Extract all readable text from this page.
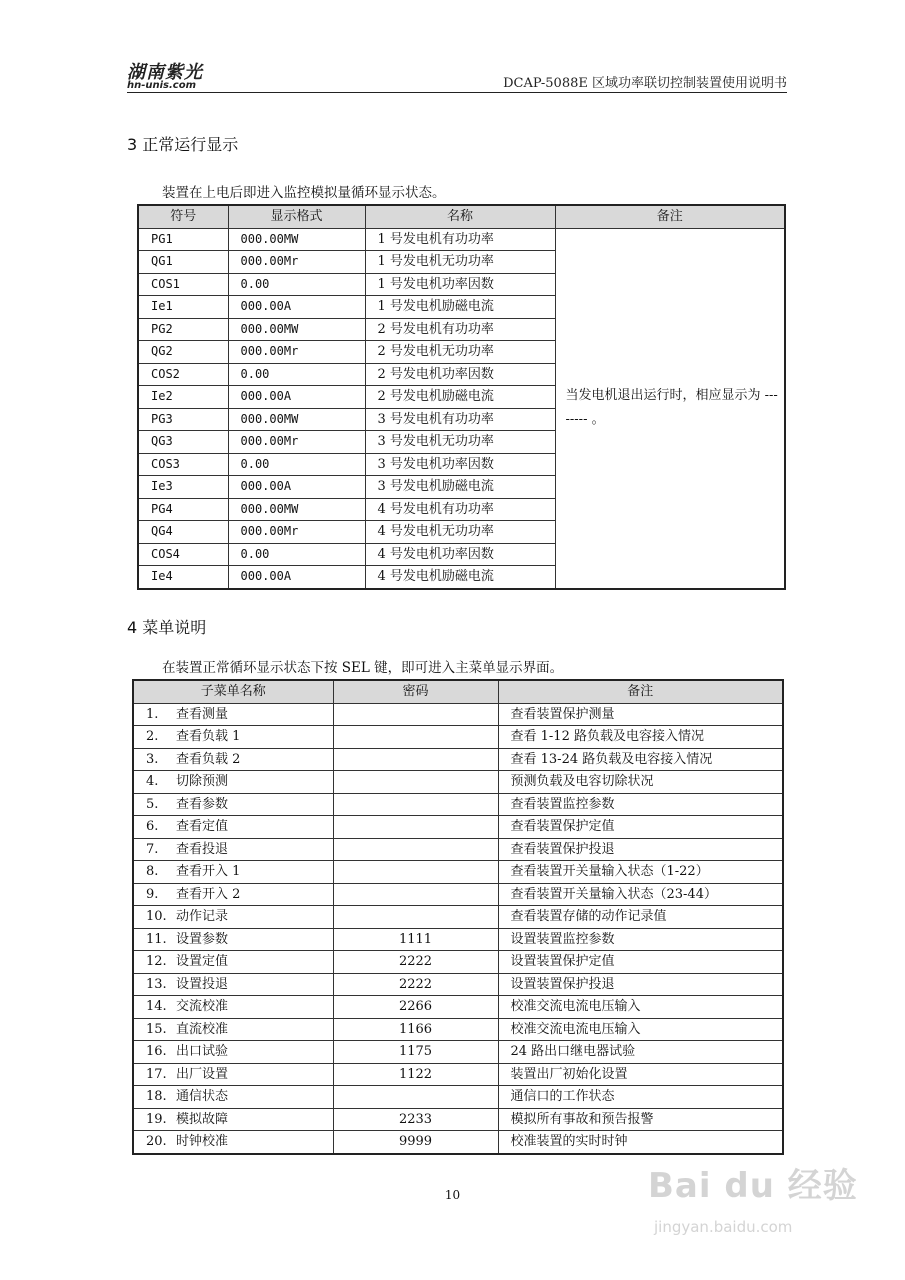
湖南紫光
hn-unis.com	DCAP-5088E 区域功率联切控制装置使用说明书
3 正常运行显示
装置在上电后即进入监控模拟量循环显示状态。
符号	显示格式	名称	备注
PG1	000.00MW	1 号发电机有功功率	当发电机退出运行时，相应显示为 -------- 。
QG1	000.00Mr	1 号发电机无功功率	
COS1	0.00	1 号发电机功率因数	
Ie1	000.00A	1 号发电机励磁电流	
PG2	000.00MW	2 号发电机有功功率	
QG2	000.00Mr	2 号发电机无功功率	
COS2	0.00	2 号发电机功率因数	
Ie2	000.00A	2 号发电机励磁电流	
PG3	000.00MW	3 号发电机有功功率	
QG3	000.00Mr	3 号发电机无功功率	
COS3	0.00	3 号发电机功率因数	
Ie3	000.00A	3 号发电机励磁电流	
PG4	000.00MW	4 号发电机有功功率	
QG4	000.00Mr	4 号发电机无功功率	
COS4	0.00	4 号发电机功率因数	
Ie4	000.00A	4 号发电机励磁电流	
4 菜单说明
在装置正常循环显示状态下按 SEL 键，即可进入主菜单显示界面。
子菜单名称	密码	备注
1. 查看测量		查看装置保护测量
2. 查看负载 1		查看 1-12 路负载及电容接入情况
3. 查看负载 2		查看 13-24 路负载及电容接入情况
4. 切除预测		预测负载及电容切除状况
5. 查看参数		查看装置监控参数
6. 查看定值		查看装置保护定值
7. 查看投退		查看装置保护投退
8. 查看开入 1		查看装置开关量输入状态（1-22）
9. 查看开入 2		查看装置开关量输入状态（23-44）
10. 动作记录		查看装置存储的动作记录值
11. 设置参数	1111	设置装置监控参数
12. 设置定值	2222	设置装置保护定值
13. 设置投退	2222	设置装置保护投退
14. 交流校准	2266	校准交流电流电压输入
15. 直流校准	1166	校准交流电流电压输入
16. 出口试验	1175	24 路出口继电器试验
17. 出厂设置	1122	装置出厂初始化设置
18. 通信状态		通信口的工作状态
19. 模拟故障	2233	模拟所有事故和预告报警
20. 时钟校准	9999	校准装置的实时时钟
10	Bai du 经验
jingyan.baidu.com
